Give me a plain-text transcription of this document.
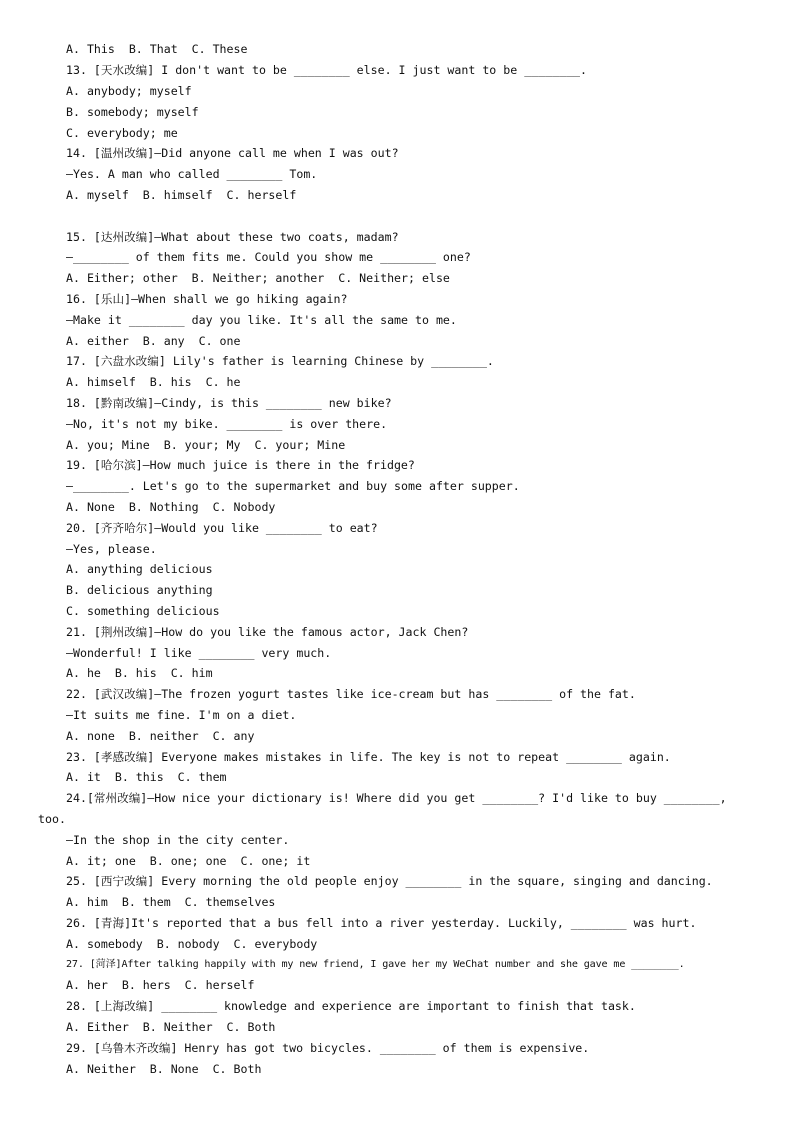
A. This  B. That  C. These
13. [天水改编] I don't want to be ________ else. I just want to be ________.
A. anybody; myself
B. somebody; myself
C. everybody; me
14. [温州改编]—Did anyone call me when I was out?
—Yes. A man who called ________ Tom.
A. myself  B. himself  C. herself
15. [达州改编]—What about these two coats, madam?
—________ of them fits me. Could you show me ________ one?
A. Either; other  B. Neither; another  C. Neither; else
16. [乐山]—When shall we go hiking again?
—Make it ________ day you like. It's all the same to me.
A. either  B. any  C. one
17. [六盘水改编] Lily's father is learning Chinese by ________.
A. himself  B. his  C. he
18. [黔南改编]—Cindy, is this ________ new bike?
—No, it's not my bike. ________ is over there.
A. you; Mine  B. your; My  C. your; Mine
19. [哈尔滨]—How much juice is there in the fridge?
—________. Let's go to the supermarket and buy some after supper.
A. None  B. Nothing  C. Nobody
20. [齐齐哈尔]—Would you like ________ to eat?
—Yes, please.
A. anything delicious
B. delicious anything
C. something delicious
21. [荆州改编]—How do you like the famous actor, Jack Chen?
—Wonderful! I like ________ very much.
A. he  B. his  C. him
22. [武汉改编]—The frozen yogurt tastes like ice-cream but has ________ of the fat.
—It suits me fine. I'm on a diet.
A. none  B. neither  C. any
23. [孝感改编] Everyone makes mistakes in life. The key is not to repeat ________ again.
A. it  B. this  C. them
24.[常州改编]—How nice your dictionary is! Where did you get ________? I'd like to buy ________,
too.
—In the shop in the city center.
A. it; one  B. one; one  C. one; it
25. [西宁改编] Every morning the old people enjoy ________ in the square, singing and dancing.
A. him  B. them  C. themselves
26. [青海]It's reported that a bus fell into a river yesterday. Luckily, ________ was hurt.
A. somebody  B. nobody  C. everybody
27. [菏泽]After talking happily with my new friend, I gave her my WeChat number and she gave me ________.
A. her  B. hers  C. herself
28. [上海改编] ________ knowledge and experience are important to finish that task.
A. Either  B. Neither  C. Both
29. [乌鲁木齐改编] Henry has got two bicycles. ________ of them is expensive.
A. Neither  B. None  C. Both
